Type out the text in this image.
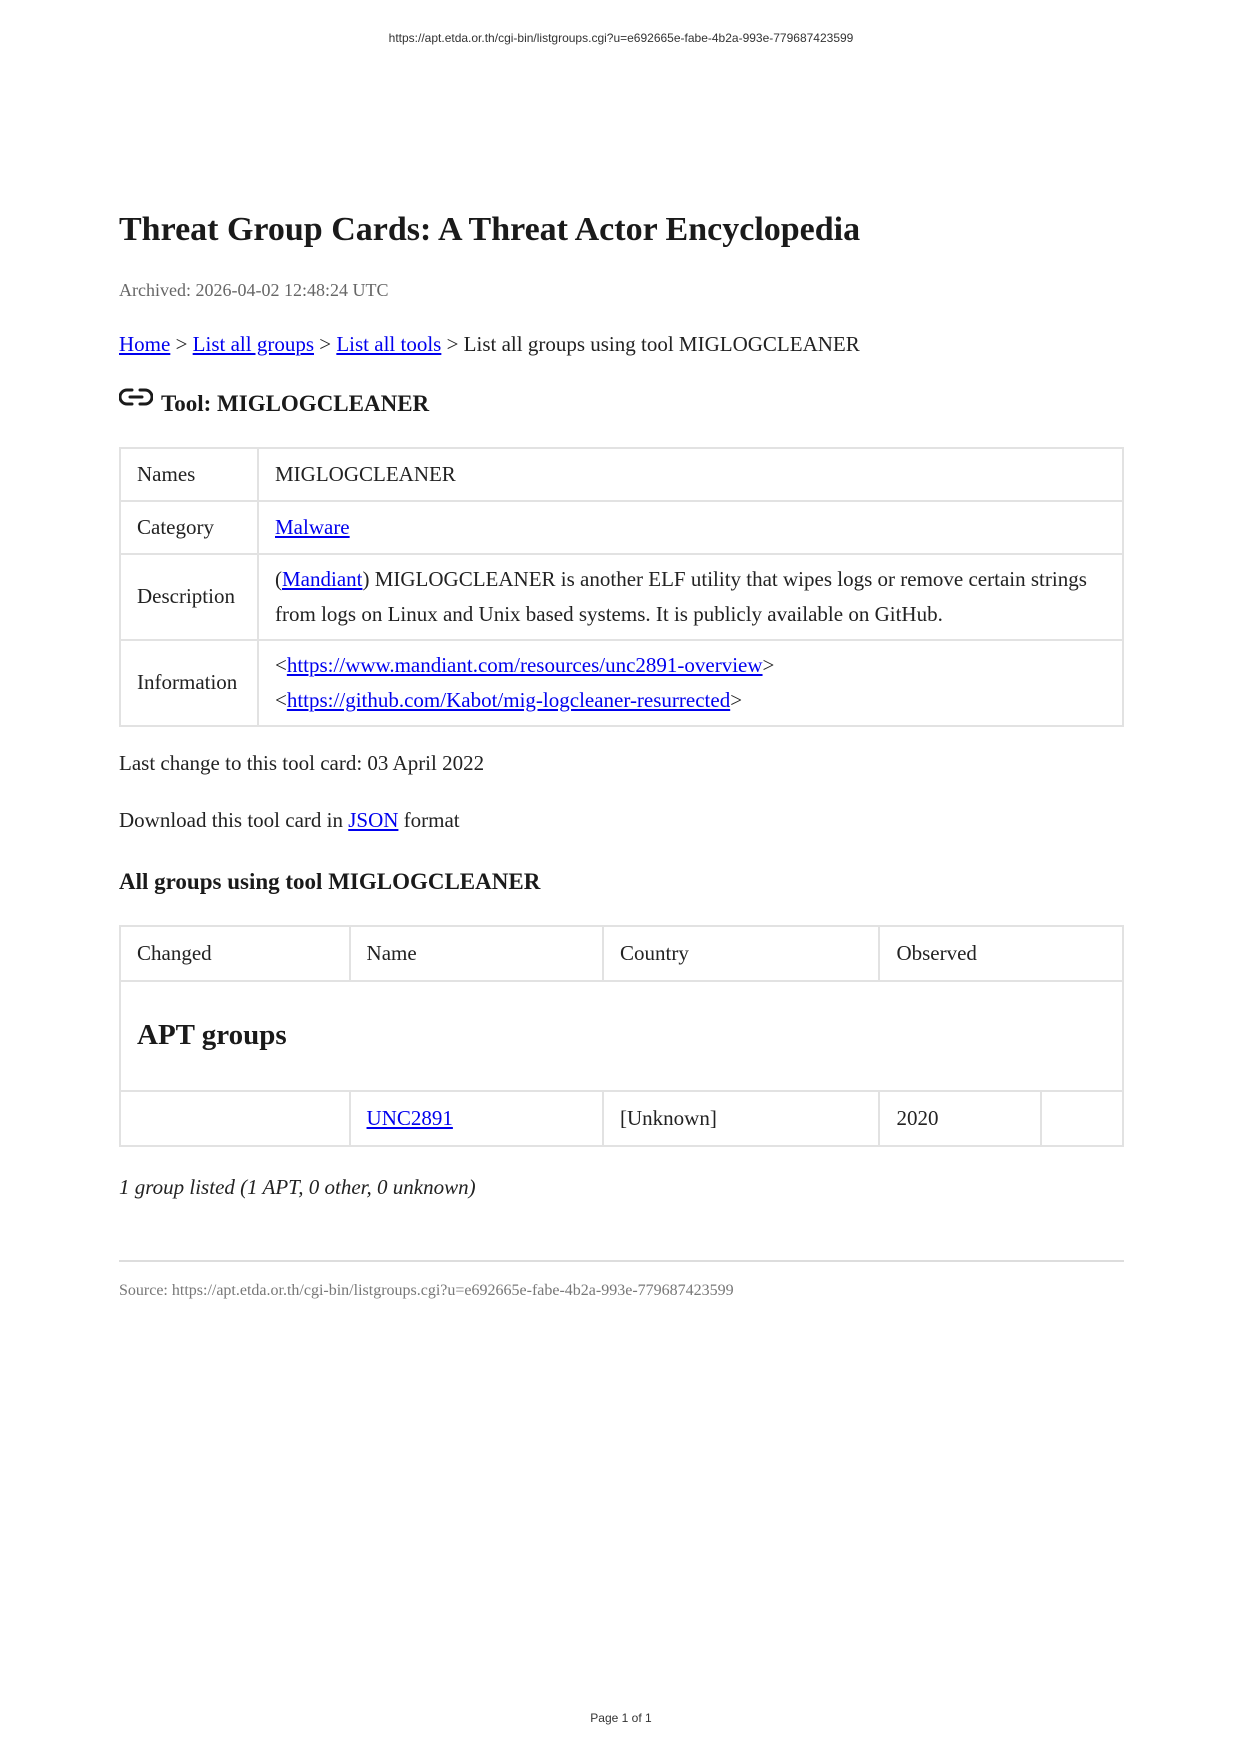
https://apt.etda.or.th/cgi-bin/listgroups.cgi?u=e692665e-fabe-4b2a-993e-779687423599
Threat Group Cards: A Threat Actor Encyclopedia
Archived: 2026-04-02 12:48:24 UTC
Home > List all groups > List all tools > List all groups using tool MIGLOGCLEANER
Tool: MIGLOGCLEANER
Names	MIGLOGCLEANER
Category	Malware
Description	(Mandiant) MIGLOGCLEANER is another ELF utility that wipes logs or remove certain strings from logs on Linux and Unix based systems. It is publicly available on GitHub.
Information	<https://www.mandiant.com/resources/unc2891-overview>
<https://github.com/Kabot/mig-logcleaner-resurrected>
Last change to this tool card: 03 April 2022
Download this tool card in JSON format
All groups using tool MIGLOGCLEANER
Changed	Name	Country	Observed	
APT groups				
	UNC2891	[Unknown]	2020	
1 group listed (1 APT, 0 other, 0 unknown)
Source: https://apt.etda.or.th/cgi-bin/listgroups.cgi?u=e692665e-fabe-4b2a-993e-779687423599
Page 1 of 1
